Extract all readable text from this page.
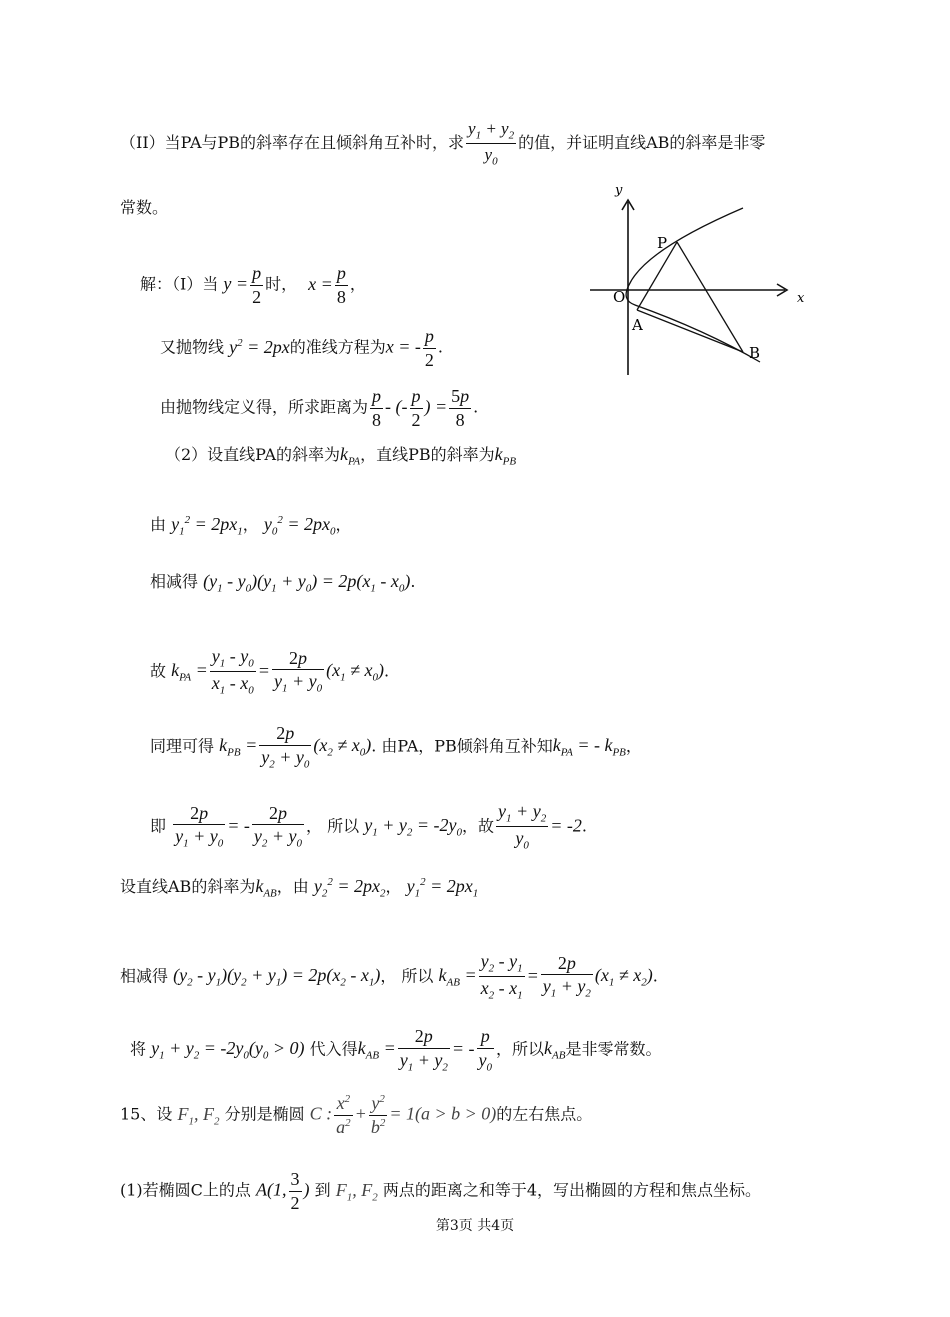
（II）当PA与PB的斜率存在且倾斜角互补时，求 $\frac{y_1 + y_2}{y_0}$ 的值，并证明直线AB的斜率是非零
常数。
y
x
O
P
A
B
解：（I）当 $y = \frac{p}{2}$ 时， $x = \frac{p}{8}$ ，
又抛物线 $y^2 = 2px$的准线方程为x = - $\frac{p}{2}$ .
由抛物线定义得，所求距离为 $\frac{p}{8}$ - (- $\frac{p}{2}$ ) = $\frac{5p}{8}$ .
（2）设直线PA的斜率为$k_{PA}$，直线PB的斜率为$k_{PB}$
由 $y_1^2 = 2px_1$， $y_0^2 = 2px_0$，
相减得 $(y_1 - y_0)(y_1 + y_0) = 2p(x_1 - x_0)$.
故 $k_{PA} = \frac{y_1 - y_0}{x_1 - x_0} = \frac{2p}{y_1 + y_0} (x_1 \ne x_0)$.
同理可得 $k_{PB} = \frac{2p}{y_2 + y_0} (x_2 \ne x_0)$. 由PA，PB倾斜角互补知$k_{PA}$ = - $k_{PB}$，
即 $\frac{2p}{y_1 + y_0}$ = - $\frac{2p}{y_2 + y_0}$ ， 所以 $y_1 + y_2 = -2y_0$，故 $\frac{y_1 + y_2}{y_0} = -2$.
设直线AB的斜率为$k_{AB}$，由 $y_2^2 = 2px_2$， $y_1^2 = 2px_1$
相减得 $(y_2 - y_1)(y_2 + y_1) = 2p(x_2 - x_1)$， 所以 $k_{AB} = \frac{y_2 - y_1}{x_2 - x_1} = \frac{2p}{y_1 + y_2} (x_1 \ne x_2)$.
将 $y_1 + y_2 = -2y_0(y_0 > 0)$ 代入得$k_{AB} = \frac{2p}{y_1 + y_2}$ = - $\frac{p}{y_0}$ ，所以$k_{AB}$是非零常数。
15、设 $F_1$, $F_2$ 分别是椭圆 C : $\frac{x^2}{a^2} + \frac{y^2}{b^2} = 1(a > b > 0)$的左右焦点。
(1)若椭圆C上的点 A(1, $\frac{3}{2}$ ) 到 $F_1$, $F_2$ 两点的距离之和等于4，写出椭圆的方程和焦点坐标。
第3页 共4页
